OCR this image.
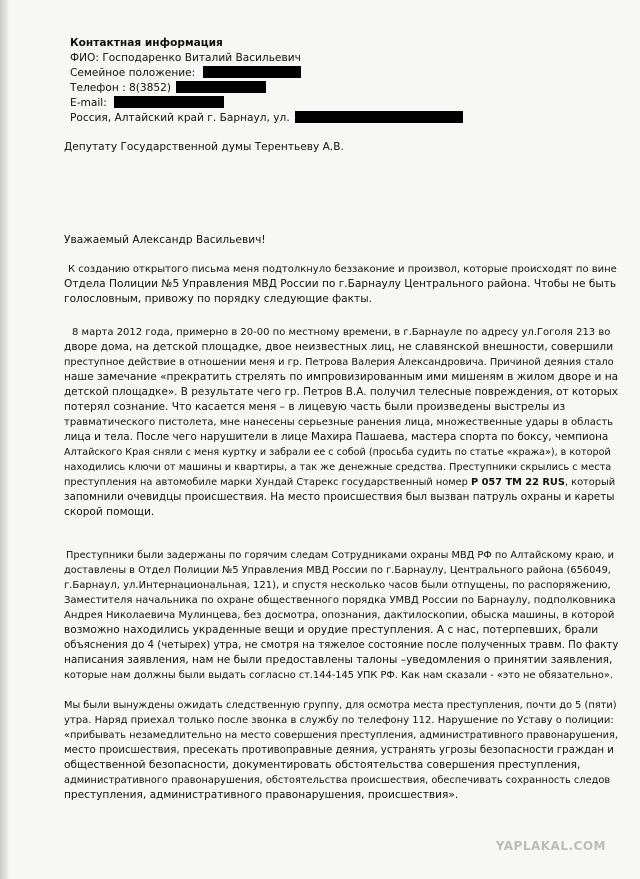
Контактная информация
ФИО: Господаренко Виталий Васильевич
Семейное положение:
Телефон : 8(3852)
E-mail:
Россия, Алтайский край г. Барнаул, ул.
Депутату Государственной думы Терентьеву А.В.
Уважаемый Александр Васильевич!
К созданию открытого письма меня подтолкнуло беззаконие и произвол, которые происходят по вине
Отдела Полиции №5 Управления МВД России по г.Барнаулу Центрального района. Чтобы не быть
голословным, привожу по порядку следующие факты.
8 марта 2012 года, примерно в 20-00 по местному времени, в г.Барнауле по адресу ул.Гоголя 213 во
дворе дома, на детской площадке, двое неизвестных лиц, не славянской внешности, совершили
преступное действие в отношении меня и гр. Петрова Валерия Александровича. Причиной деяния стало
наше замечание «прекратить стрелять по импровизированным ими мишеням в жилом дворе и на
детской площадке». В результате чего гр. Петров В.А. получил телесные повреждения, от которых
потерял сознание. Что касается меня – в лицевую часть были произведены выстрелы из
травматического пистолета, мне нанесены серьезные ранения лица, множественные удары в область
лица и тела. После чего нарушители в лице Махира Пашаева, мастера спорта по боксу, чемпиона
Алтайского Края сняли с меня куртку и забрали ее с собой (просьба судить по статье «кража»), в которой
находились ключи от машины и квартиры, а так же денежные средства. Преступники скрылись с места
преступления на автомобиле марки Хундай Старекс государственный номер Р 057 ТМ 22 RUS, который
запомнили очевидцы происшествия. На место происшествия был вызван патруль охраны и кареты
скорой помощи.
Преступники были задержаны по горячим следам Сотрудниками охраны МВД РФ по Алтайскому краю, и
доставлены в Отдел Полиции №5 Управления МВД России по г.Барнаулу, Центрального района (656049,
г.Барнаул, ул.Интернациональная, 121), и спустя несколько часов были отпущены, по распоряжению,
Заместителя начальника по охране общественного порядка УМВД России по Барнаулу, подполковника
Андрея Николаевича Мулинцева, без досмотра, опознания, дактилоскопии, обыска машины, в которой
возможно находились украденные вещи и орудие преступления. А с нас, потерпевших, брали
объяснения до 4 (четырех) утра, не смотря на тяжелое состояние после полученных травм. По факту
написания заявления, нам не были предоставлены талоны –уведомления о принятии заявления,
которые нам должны были выдать согласно ст.144-145 УПК РФ. Как нам сказали - «это не обязательно».
Мы были вынуждены ожидать следственную группу, для осмотра места преступления, почти до 5 (пяти)
утра. Наряд приехал только после звонка в службу по телефону 112. Нарушение по Уставу о полиции:
«прибывать незамедлительно на место совершения преступления, административного правонарушения,
место происшествия, пресекать противоправные деяния, устранять угрозы безопасности граждан и
общественной безопасности, документировать обстоятельства совершения преступления,
административного правонарушения, обстоятельства происшествия, обеспечивать сохранность следов
преступления, административного правонарушения, происшествия».
YAPLAKAL.COM
